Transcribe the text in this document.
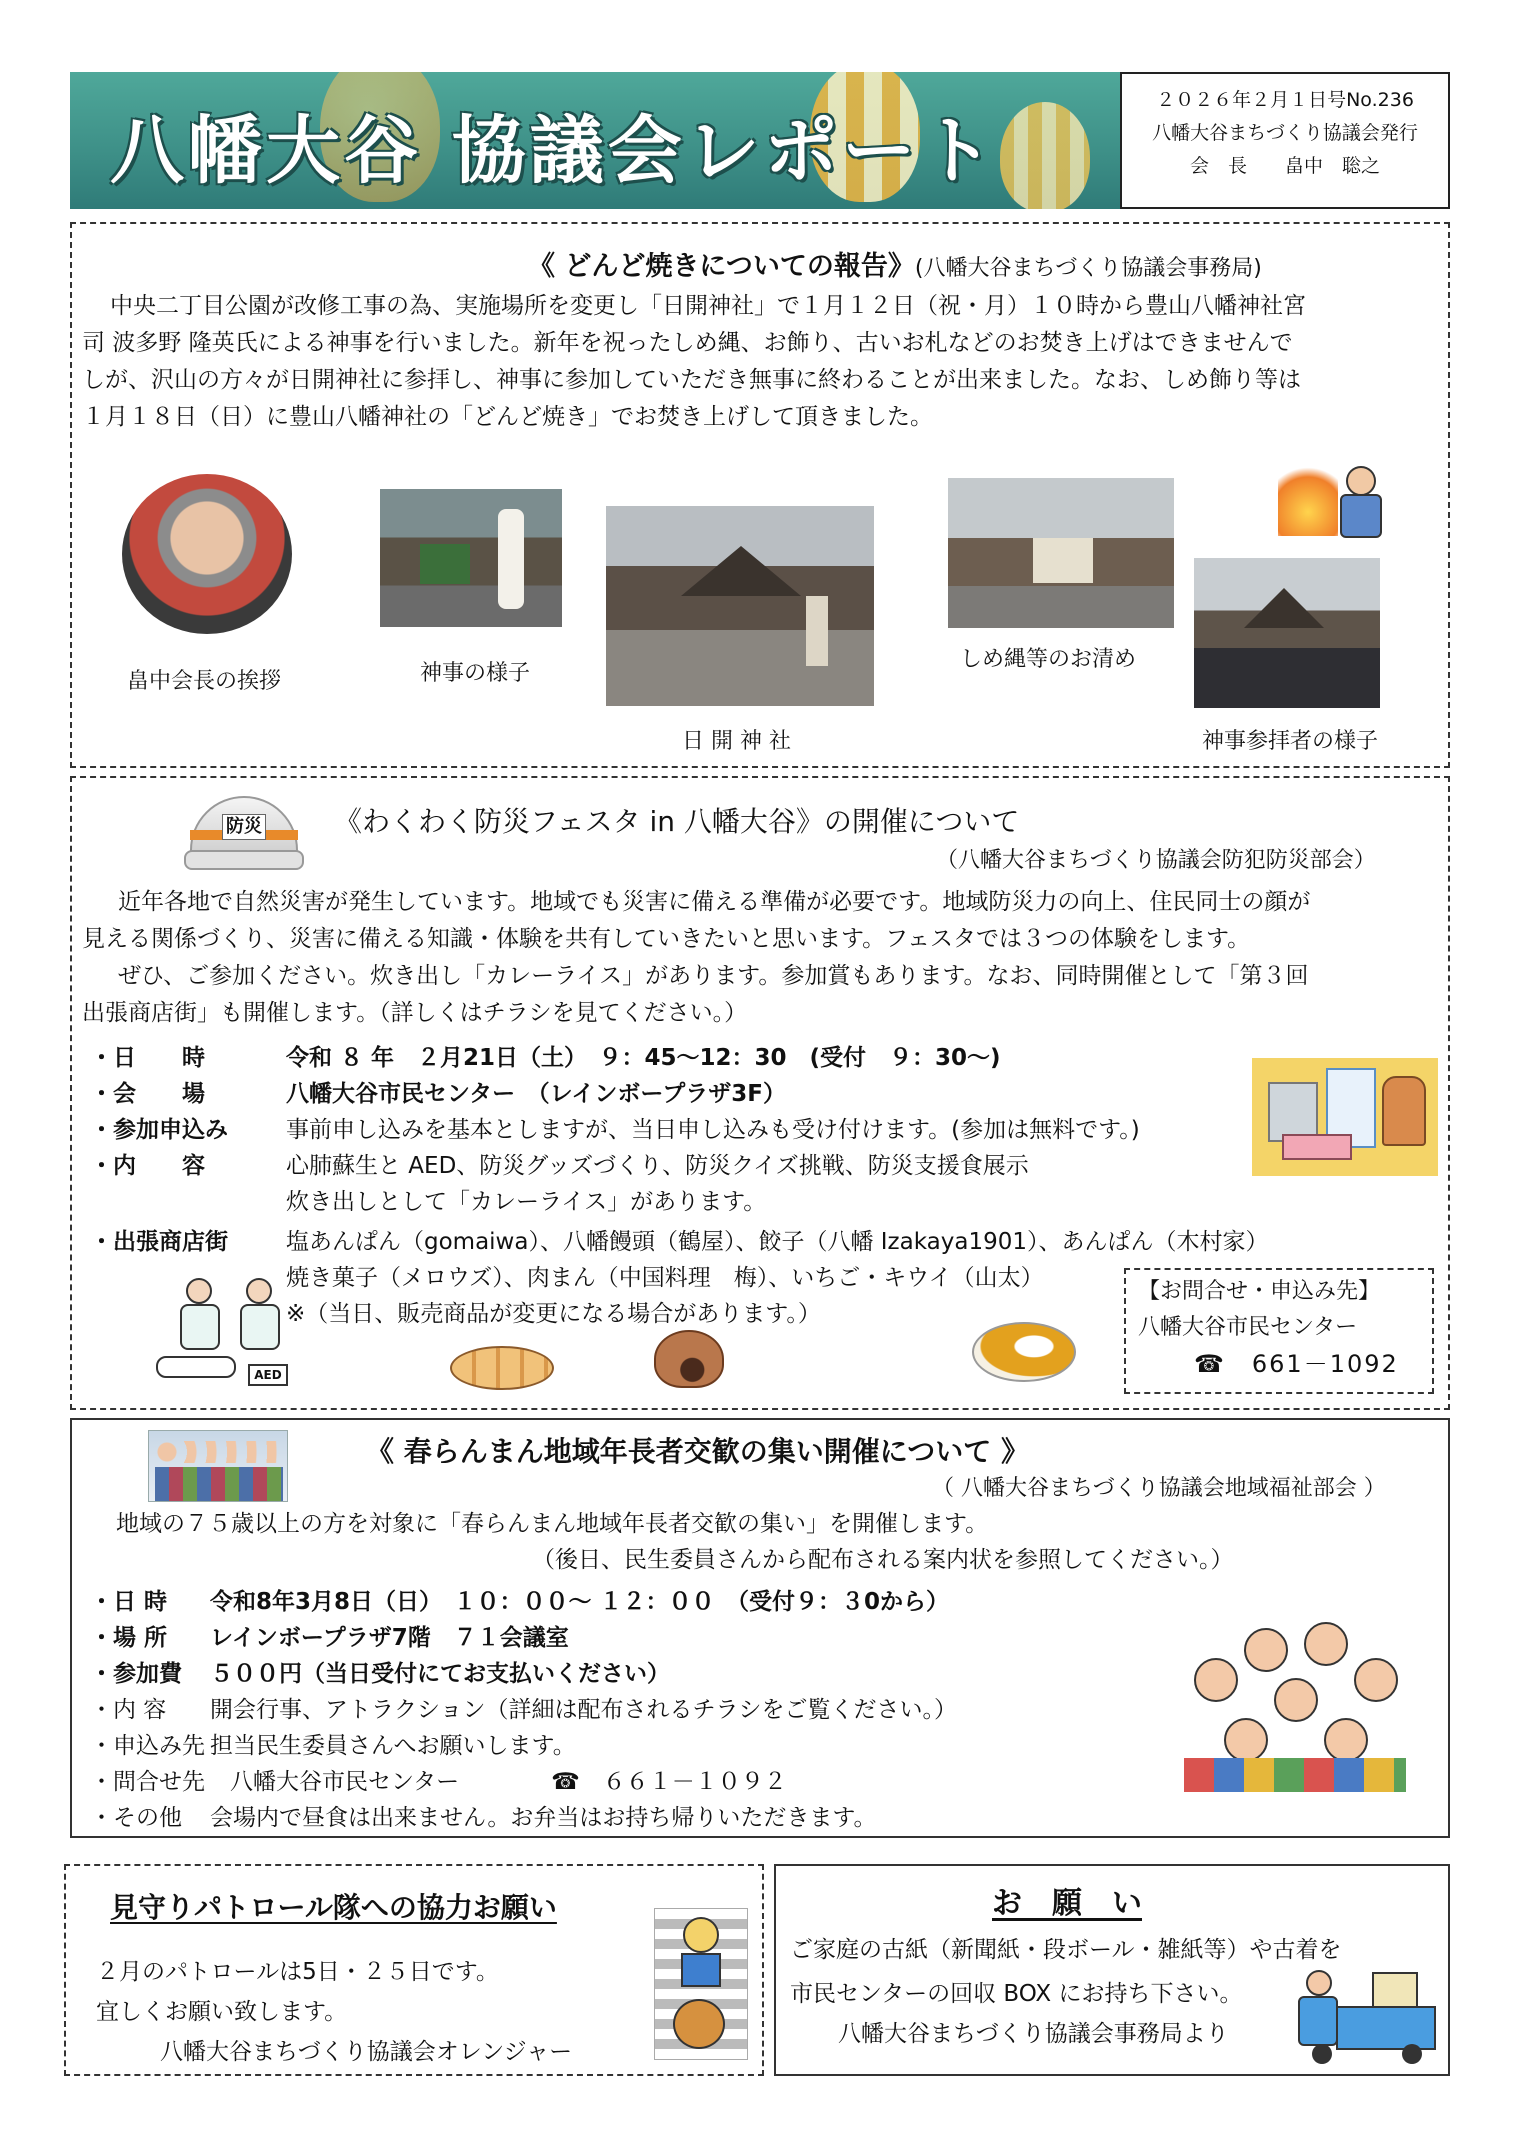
八幡大谷 協議会レポート
２０２６年２月１日号No.236
八幡大谷まちづくり協議会発行
会　長　　畠中　聡之
《 どんど焼きについての報告》(八幡大谷まちづくり協議会事務局)
中央二丁目公園が改修工事の為、実施場所を変更し「日開神社」で１月１２日（祝・月）１０時から豊山八幡神社宮
司 波多野 隆英氏による神事を行いました。新年を祝ったしめ縄、お飾り、古いお札などのお焚き上げはできませんで
しが、沢山の方々が日開神社に参拝し、神事に参加していただき無事に終わることが出来ました。なお、しめ飾り等は
１月１８日（日）に豊山八幡神社の「どんど焼き」でお焚き上げして頂きました。
畠中会長の挨拶	神事の様子
日 開 神 社
しめ縄等のお清め
神事参拝者の様子
防災	《わくわく防災フェスタ in 八幡大谷》の開催について
（八幡大谷まちづくり協議会防犯防災部会）
近年各地で自然災害が発生しています。地域でも災害に備える準備が必要です。地域防災力の向上、住民同士の顔が
見える関係づくり、災害に備える知識・体験を共有していきたいと思います。フェスタでは３つの体験をします。
ぜひ、ご参加ください。炊き出し「カレーライス」があります。参加賞もあります。なお、同時開催として「第３回
出張商店街」も開催します。（詳しくはチラシを見てください。）
・日　　時	令和 ８ 年　２月21日（土）　９：45～12：30　(受付　９：30～)
・会　　場	八幡大谷市民センター　（レインボープラザ3F）
・参加申込み	事前申し込みを基本としますが、当日申し込みも受け付けます。(参加は無料です。)
・内　　容	心肺蘇生と AED、防災グッズづくり、防災クイズ挑戦、防災支援食展示
炊き出しとして「カレーライス」があります。
・出張商店街	塩あんぱん（gomaiwa）、八幡饅頭（鶴屋）、餃子（八幡 Izakaya1901）、あんぱん（木村家）
焼き菓子（メロウズ）、肉まん（中国料理　梅）、いちご・キウイ（山太）
※（当日、販売商品が変更になる場合があります。）
AED
【お問合せ・申込み先】
八幡大谷市民センター
☎　661－1092
《 春らんまん地域年長者交歓の集い開催について 》
（ 八幡大谷まちづくり協議会地域福祉部会 ）
地域の７５歳以上の方を対象に「春らんまん地域年長者交歓の集い」を開催します。
（後日、民生委員さんから配布される案内状を参照してください。）
・日 時 令和8年3月8日（日）　１０：００～ １２：００　（受付９：３0から）
・場 所 レインボープラザ7階　７１会議室
・参加費 ５００円（当日受付にてお支払いください）
・内 容 開会行事、アトラクション（詳細は配布されるチラシをご覧ください。）
・申込み先 担当民生委員さんへお願いします。
・問合せ先 八幡大谷市民センター　　　　☎　６６１－１０９２
・その他 会場内で昼食は出来ません。お弁当はお持ち帰りいただきます。
見守りパトロール隊への協力お願い
２月のパトロールは5日・２５日です。
宜しくお願い致します。
八幡大谷まちづくり協議会オレンジャー
お　願　い
ご家庭の古紙（新聞紙・段ボール・雑紙等）や古着を
市民センターの回収 BOX にお持ち下さい。
八幡大谷まちづくり協議会事務局より
